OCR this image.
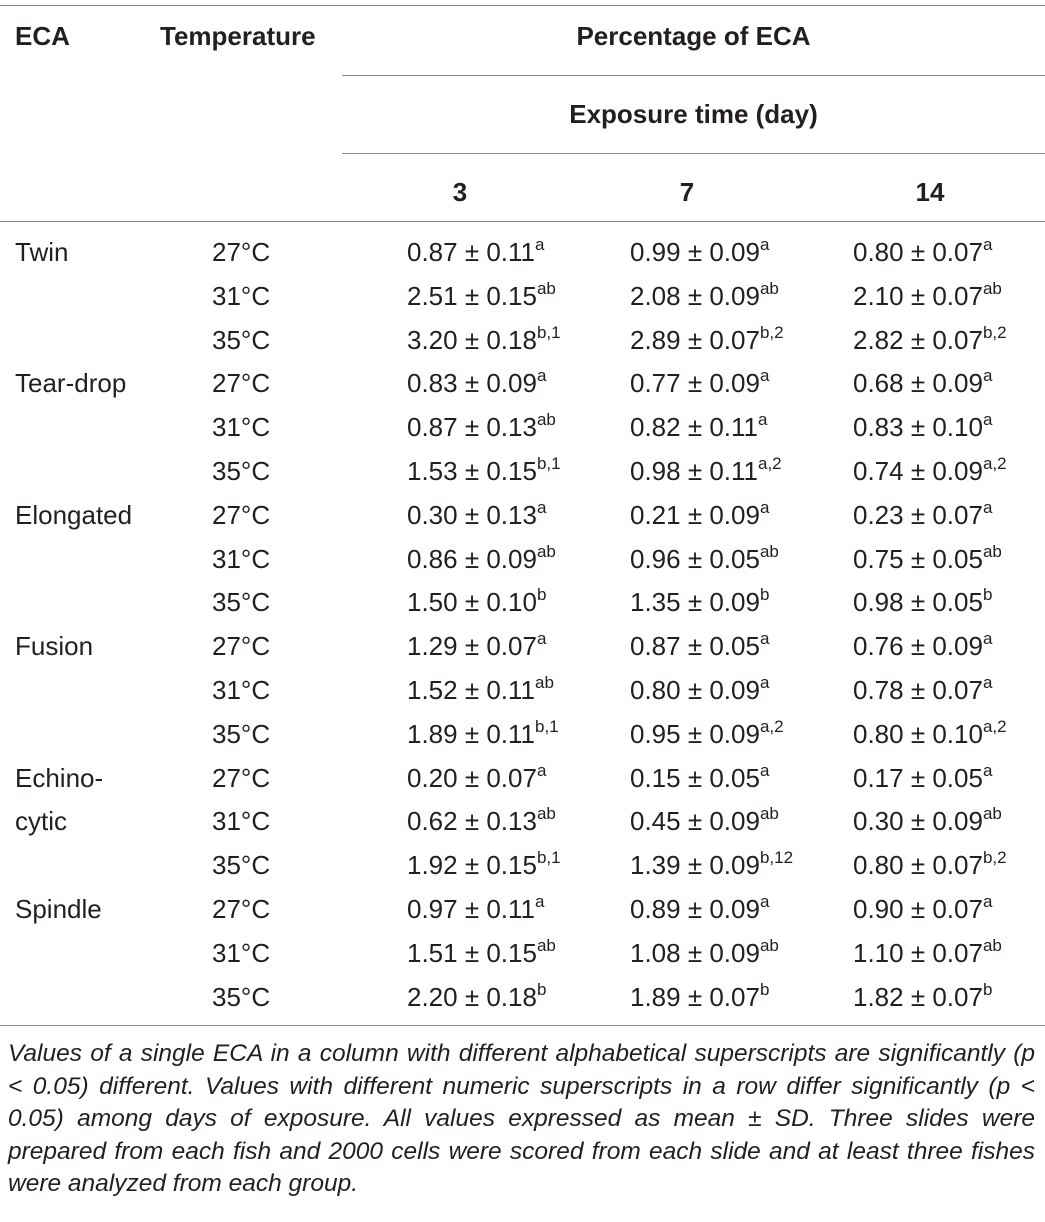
ECA	Temperature	Percentage of ECA
Exposure time (day)
3	7	14
Twin	27°C	0.87 ± 0.11$^a$	0.99 ± 0.09$^a$	0.80 ± 0.07$^a$
31°C	2.51 ± 0.15$^{ab}$	2.08 ± 0.09$^{ab}$	2.10 ± 0.07$^{ab}$
35°C	$3.20 \pm 0.18^{b,1}$	$2.89 \pm 0.07^{b,2}$	$2.82 \pm 0.07^{b,2}$
Tear-drop	27°C	0.83 ± 0.09$^a$	0.77 ± 0.09$^a$	0.68 ± 0.09$^a$
31°C	0.87 ± 0.13$^{ab}$	0.82 ± 0.11$^a$	0.83 ± 0.10$^a$
35°C	$1.53 \pm 0.15^{b,1}$	$0.98 \pm 0.11^{a,2}$	$0.74 \pm 0.09^{a,2}$
Elongated	27°C	0.30 ± 0.13$^a$	0.21 ± 0.09$^a$	0.23 ± 0.07$^a$
31°C	0.86 ± 0.09$^{ab}$	0.96 ± 0.05$^{ab}$	0.75 ± 0.05$^{ab}$
35°C	1.50 ± 0.10$^b$	1.35 ± 0.09$^b$	0.98 ± 0.05$^b$
Fusion	27°C	1.29 ± 0.07$^a$	0.87 ± 0.05$^a$	0.76 ± 0.09$^a$
31°C	1.52 ± 0.11$^{ab}$	0.80 ± 0.09$^a$	0.78 ± 0.07$^a$
35°C	$1.89 \pm 0.11^{b,1}$	$0.95 \pm 0.09^{a,2}$	$0.80 \pm 0.10^{a,2}$
Echino-
cytic
27°C	0.20 ± 0.07$^a$	0.15 ± 0.05$^a$	0.17 ± 0.05$^a$
31°C	0.62 ± 0.13$^{ab}$	0.45 ± 0.09$^{ab}$	0.30 ± 0.09$^{ab}$
35°C	$1.92 \pm 0.15^{b,1}$	$1.39 \pm 0.09^{b,12}$ $0.80 \pm 0.07^{b,2}$
Spindle	27°C	0.97 ± 0.11$^a$	0.89 ± 0.09$^a$	0.90 ± 0.07$^a$
31°C	1.51 ± 0.15$^{ab}$	1.08 ± 0.09$^{ab}$	1.10 ± 0.07$^{ab}$
35°C	2.20 ± 0.18$^b$	1.89 ± 0.07$^b$	1.82 ± 0.07$^b$
Values of a single ECA in a column with different alphabetical superscripts are significantly (p < 0.05) different. Values with different numeric superscripts in a row differ significantly (p < 0.05) among days of exposure. All values expressed as mean ± SD. Three slides were prepared from each fish and 2000 cells were scored from each slide and at least three fishes were analyzed from each group.
